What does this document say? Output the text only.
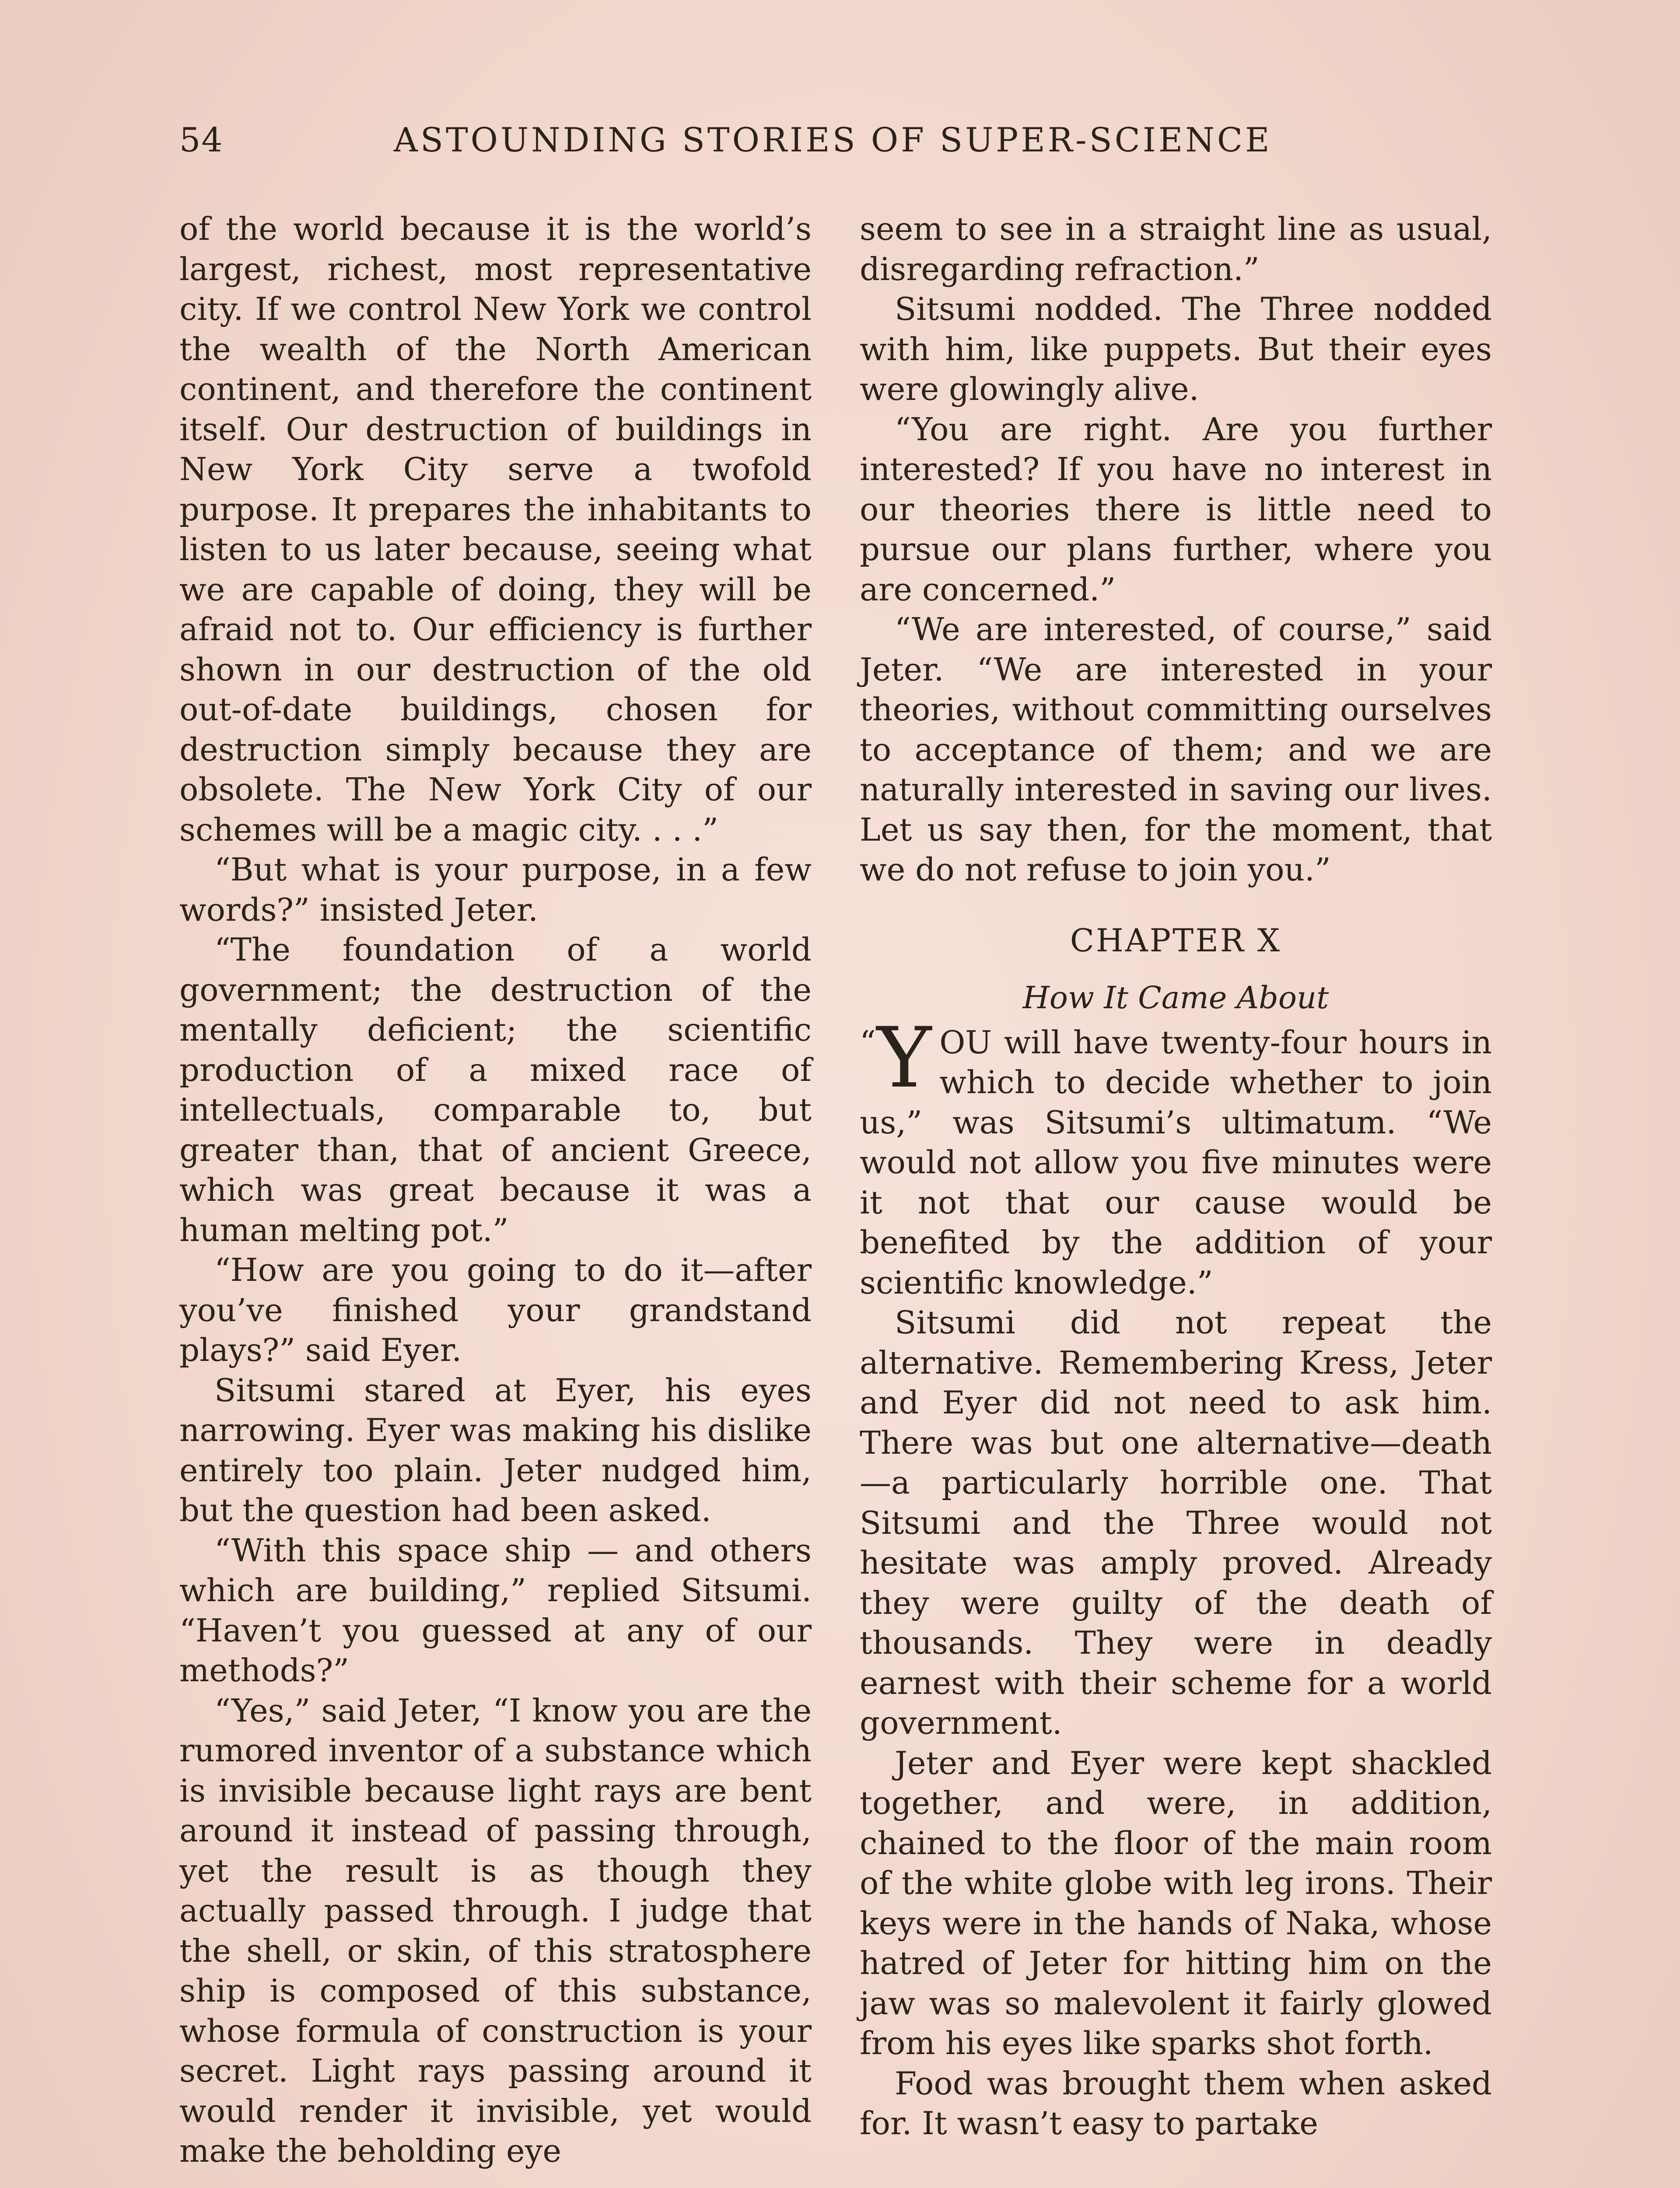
54	ASTOUNDING STORIES OF SUPER-SCIENCE

of the world because it is the world’s largest, richest, most representative city. If we control New York we control the wealth of the North American continent, and therefore the continent itself. Our destruction of buildings in New York City serve a twofold purpose. It prepares the inhabitants to listen to us later because, seeing what we are capable of doing, they will be afraid not to. Our efficiency is further shown in our destruction of the old out-of-date buildings, chosen for destruction simply because they are obsolete. The New York City of our schemes will be a magic city. . . .”

“But what is your purpose, in a few words?” insisted Jeter.

“The foundation of a world government; the destruction of the mentally deficient; the scientific production of a mixed race of intellectuals, comparable to, but greater than, that of ancient Greece, which was great because it was a human melting pot.”

“How are you going to do it—after you’ve finished your grandstand plays?” said Eyer.

Sitsumi stared at Eyer, his eyes narrowing. Eyer was making his dislike entirely too plain. Jeter nudged him, but the question had been asked.

“With this space ship — and others which are building,” replied Sitsumi. “Haven’t you guessed at any of our methods?”

“Yes,” said Jeter, “I know you are the rumored inventor of a substance which is invisible because light rays are bent around it instead of passing through, yet the result is as though they actually passed through. I judge that the shell, or skin, of this stratosphere ship is composed of this substance, whose formula of construction is your secret. Light rays passing around it would render it invisible, yet would make the beholding eye

seem to see in a straight line as usual, disregarding refraction.”

Sitsumi nodded. The Three nodded with him, like puppets. But their eyes were glowingly alive.

“You are right. Are you further interested? If you have no interest in our theories there is little need to pursue our plans further, where you are concerned.”

“We are interested, of course,” said Jeter. “We are interested in your theories, without committing ourselves to acceptance of them; and we are naturally interested in saving our lives. Let us say then, for the moment, that we do not refuse to join you.”

CHAPTER X
How It Came About

“ Y OU will have twenty-four hours in which to decide whether to join us,” was Sitsumi’s ultimatum. “We would not allow you five minutes were it not that our cause would be benefited by the addition of your scientific knowledge.”

Sitsumi did not repeat the alternative. Remembering Kress, Jeter and Eyer did not need to ask him. There was but one alternative—death—a particularly horrible one. That Sitsumi and the Three would not hesitate was amply proved. Already they were guilty of the death of thousands. They were in deadly earnest with their scheme for a world government.

Jeter and Eyer were kept shackled together, and were, in addition, chained to the floor of the main room of the white globe with leg irons. Their keys were in the hands of Naka, whose hatred of Jeter for hitting him on the jaw was so malevolent it fairly glowed from his eyes like sparks shot forth.

Food was brought them when asked for. It wasn’t easy to partake
